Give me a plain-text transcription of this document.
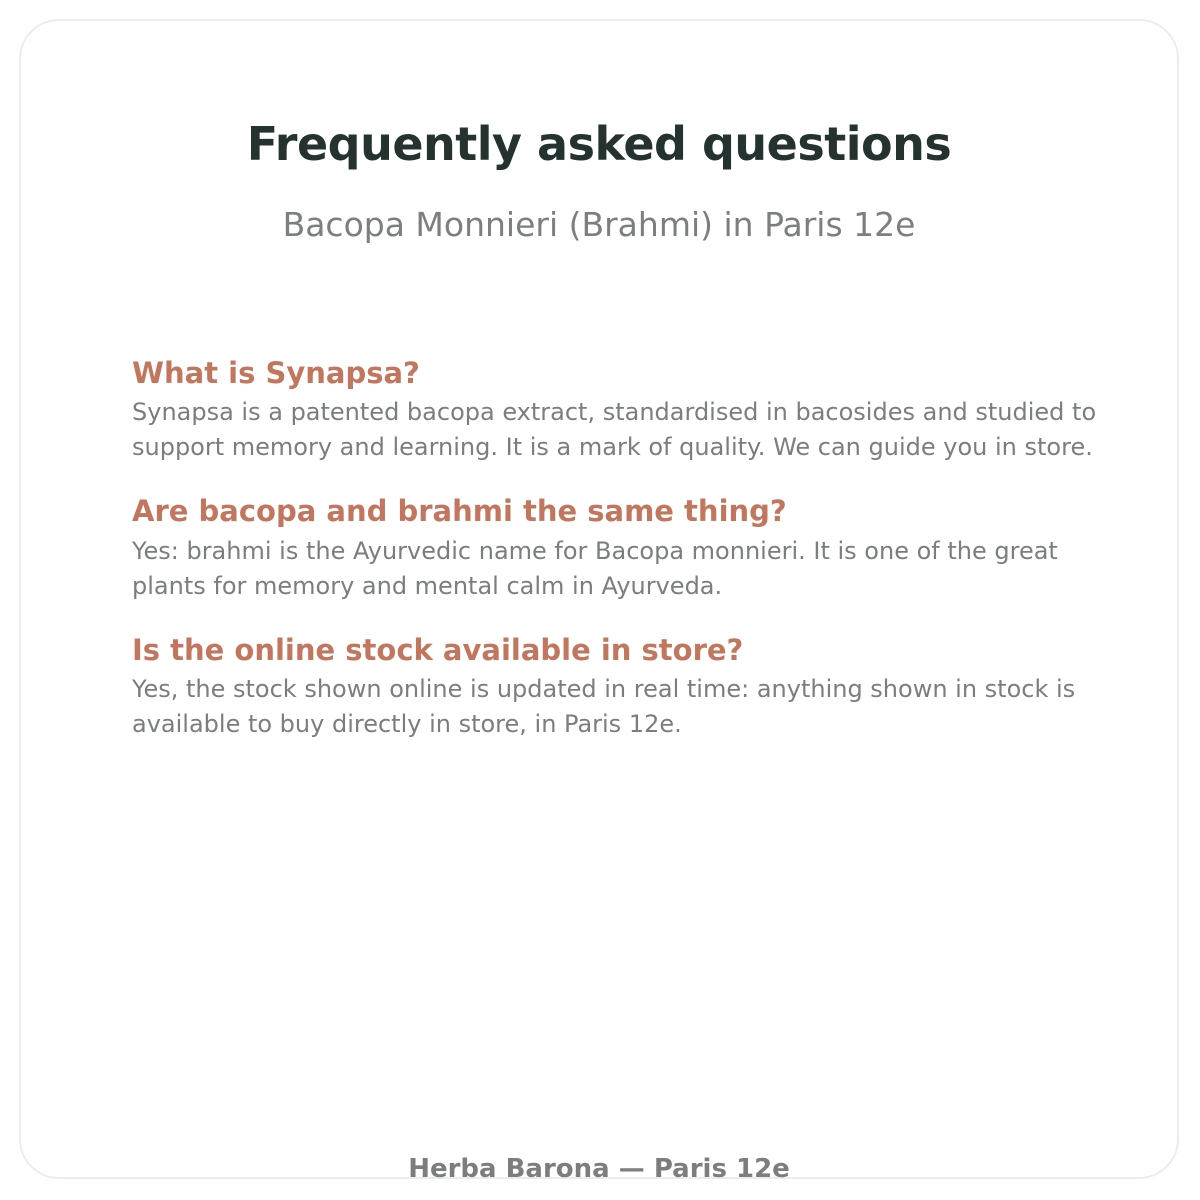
Frequently asked questions

Bacopa Monnieri (Brahmi) in Paris 12e

What is Synapsa?

Synapsa is a patented bacopa extract, standardised in bacosides and studied to support memory and learning. It is a mark of quality. We can guide you in store.

Are bacopa and brahmi the same thing?

Yes: brahmi is the Ayurvedic name for Bacopa monnieri. It is one of the great plants for memory and mental calm in Ayurveda.

Is the online stock available in store?

Yes, the stock shown online is updated in real time: anything shown in stock is available to buy directly in store, in Paris 12e.

Herba Barona — Paris 12e
